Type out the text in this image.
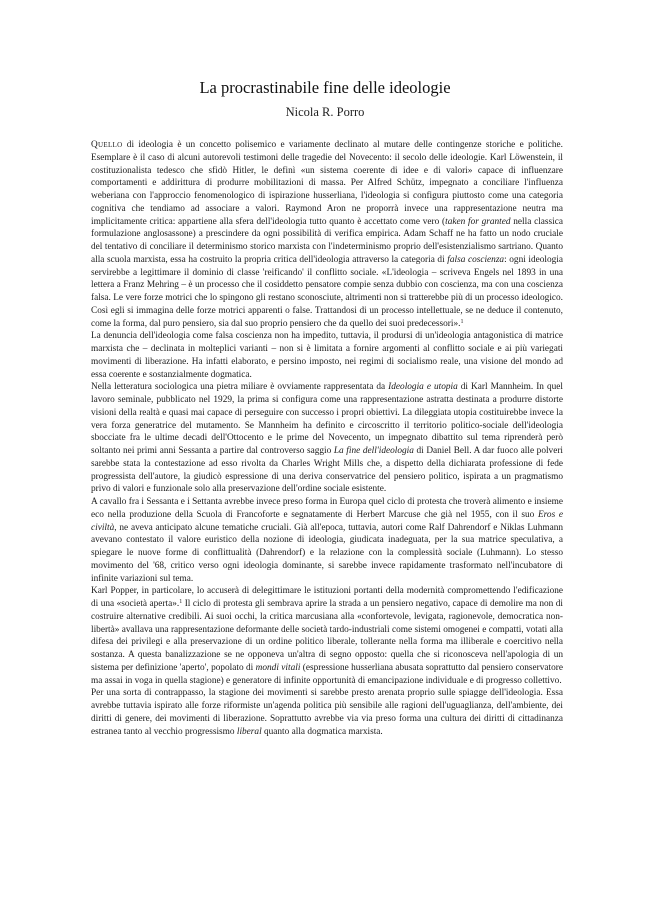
La procrastinabile fine delle ideologie
Nicola R. Porro

Quello di ideologia è un concetto polisemico e variamente declinato al mutare delle contingenze storiche e politiche. Esemplare è il caso di alcuni autorevoli testimoni delle tragedie del Novecento: il secolo delle ideologie. Karl Löwenstein, il costituzionalista tedesco che sfidò Hitler, le definì «un sistema coerente di idee e di valori» capace di influenzare comportamenti e addirittura di produrre mobilitazioni di massa. Per Alfred Schütz, impegnato a conciliare l'influenza weberiana con l'approccio fenomenologico di ispirazione husserliana, l'ideologia si configura piuttosto come una categoria cognitiva che tendiamo ad associare a valori. Raymond Aron ne proporrà invece una rappresentazione neutra ma implicitamente critica: appartiene alla sfera dell'ideologia tutto quanto è accettato come vero (taken for granted nella classica formulazione anglosassone) a prescindere da ogni possibilità di verifica empirica. Adam Schaff ne ha fatto un nodo cruciale del tentativo di conciliare il determinismo storico marxista con l'indeterminismo proprio dell'esistenzialismo sartriano. Quanto alla scuola marxista, essa ha costruito la propria critica dell'ideologia attraverso la categoria di falsa coscienza: ogni ideologia servirebbe a legittimare il dominio di classe 'reificando' il conflitto sociale. «L'ideologia – scriveva Engels nel 1893 in una lettera a Franz Mehring – è un processo che il cosiddetto pensatore compie senza dubbio con coscienza, ma con una coscienza falsa. Le vere forze motrici che lo spingono gli restano sconosciute, altrimenti non si tratterebbe più di un processo ideologico. Così egli si immagina delle forze motrici apparenti o false. Trattandosi di un processo intellettuale, se ne deduce il contenuto, come la forma, dal puro pensiero, sia dal suo proprio pensiero che da quello dei suoi predecessori».$^1$

La denuncia dell'ideologia come falsa coscienza non ha impedito, tuttavia, il prodursi di un'ideologia antagonistica di matrice marxista che – declinata in molteplici varianti – non si è limitata a fornire argomenti al conflitto sociale e ai più variegati movimenti di liberazione. Ha infatti elaborato, e persino imposto, nei regimi di socialismo reale, una visione del mondo ad essa coerente e sostanzialmente dogmatica.

Nella letteratura sociologica una pietra miliare è ovviamente rappresentata da Ideologia e utopia di Karl Mannheim. In quel lavoro seminale, pubblicato nel 1929, la prima si configura come una rappresentazione astratta destinata a produrre distorte visioni della realtà e quasi mai capace di perseguire con successo i propri obiettivi. La dileggiata utopia costituirebbe invece la vera forza generatrice del mutamento. Se Mannheim ha definito e circoscritto il territorio politico-sociale dell'ideologia sbocciate fra le ultime decadi dell'Ottocento e le prime del Novecento, un impegnato dibattito sul tema riprenderà però soltanto nei primi anni Sessanta a partire dal controverso saggio La fine dell'ideologia di Daniel Bell. A dar fuoco alle polveri sarebbe stata la contestazione ad esso rivolta da Charles Wright Mills che, a dispetto della dichiarata professione di fede progressista dell'autore, la giudicò espressione di una deriva conservatrice del pensiero politico, ispirata a un pragmatismo privo di valori e funzionale solo alla preservazione dell'ordine sociale esistente.

A cavallo fra i Sessanta e i Settanta avrebbe invece preso forma in Europa quel ciclo di protesta che troverà alimento e insieme eco nella produzione della Scuola di Francoforte e segnatamente di Herbert Marcuse che già nel 1955, con il suo Eros e civiltà, ne aveva anticipato alcune tematiche cruciali. Già all'epoca, tuttavia, autori come Ralf Dahrendorf e Niklas Luhmann avevano contestato il valore euristico della nozione di ideologia, giudicata inadeguata, per la sua matrice speculativa, a spiegare le nuove forme di conflittualità (Dahrendorf) e la relazione con la complessità sociale (Luhmann). Lo stesso movimento del '68, critico verso ogni ideologia dominante, si sarebbe invece rapidamente trasformato nell'incubatore di infinite variazioni sul tema.

Karl Popper, in particolare, lo accuserà di delegittimare le istituzioni portanti della modernità compromettendo l'edificazione di una «società aperta».$^1$ Il ciclo di protesta gli sembrava aprire la strada a un pensiero negativo, capace di demolire ma non di costruire alternative credibili. Ai suoi occhi, la critica marcusiana alla «confortevole, levigata, ragionevole, democratica non-libertà» avallava una rappresentazione deformante delle società tardo-industriali come sistemi omogenei e compatti, votati alla difesa dei privilegi e alla preservazione di un ordine politico liberale, tollerante nella forma ma illiberale e coercitivo nella sostanza. A questa banalizzazione se ne opponeva un'altra di segno opposto: quella che si riconosceva nell'apologia di un sistema per definizione 'aperto', popolato di mondi vitali (espressione husserliana abusata soprattutto dal pensiero conservatore ma assai in voga in quella stagione) e generatore di infinite opportunità di emancipazione individuale e di progresso collettivo.

Per una sorta di contrappasso, la stagione dei movimenti si sarebbe presto arenata proprio sulle spiagge dell'ideologia. Essa avrebbe tuttavia ispirato alle forze riformiste un'agenda politica più sensibile alle ragioni dell'uguaglianza, dell'ambiente, dei diritti di genere, dei movimenti di liberazione. Soprattutto avrebbe via via preso forma una cultura dei diritti di cittadinanza estranea tanto al vecchio progressismo liberal quanto alla dogmatica marxista.
